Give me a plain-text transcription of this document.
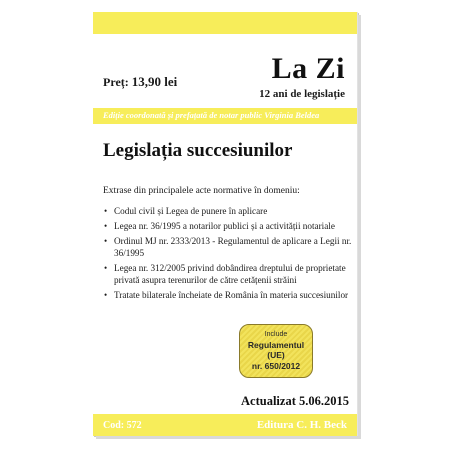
Preț: 13,90 lei	La Zi
12 ani de legislație
Ediție coordonată și prefațată de notar public Virginia Beldea
Legislația succesiunilor
Extrase din principalele acte normative în domeniu:
• Codul civil și Legea de punere în aplicare
• Legea nr. 36/1995 a notarilor publici și a activității notariale
• Ordinul MJ nr. 2333/2013 - Regulamentul de aplicare a Legii nr. 36/1995
• Legea nr. 312/2005 privind dobândirea dreptului de proprietate privată asupra terenurilor de către cetățenii străini
• Tratate bilaterale încheiate de România în materia succesiunilor
Include
Regulamentul (UE)
nr. 650/2012
Actualizat 5.06.2015
Cod: 572	Editura C. H. Beck
